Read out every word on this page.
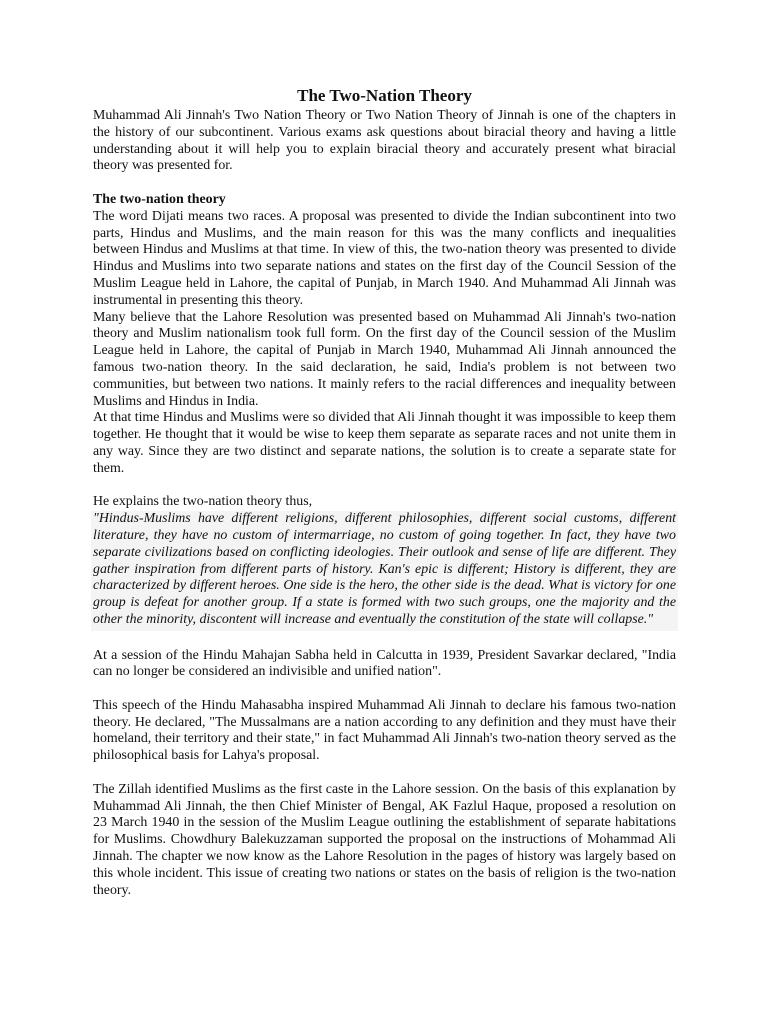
The Two-Nation Theory

Muhammad Ali Jinnah's Two Nation Theory or Two Nation Theory of Jinnah is one of the chapters in the history of our subcontinent. Various exams ask questions about biracial theory and having a little understanding about it will help you to explain biracial theory and accurately present what biracial theory was presented for.

The two-nation theory

The word Dijati means two races. A proposal was presented to divide the Indian subcontinent into two parts, Hindus and Muslims, and the main reason for this was the many conflicts and inequalities between Hindus and Muslims at that time. In view of this, the two-nation theory was presented to divide Hindus and Muslims into two separate nations and states on the first day of the Council Session of the Muslim League held in Lahore, the capital of Punjab, in March 1940. And Muhammad Ali Jinnah was instrumental in presenting this theory.

Many believe that the Lahore Resolution was presented based on Muhammad Ali Jinnah's two-nation theory and Muslim nationalism took full form. On the first day of the Council session of the Muslim League held in Lahore, the capital of Punjab in March 1940, Muhammad Ali Jinnah announced the famous two-nation theory. In the said declaration, he said, India's problem is not between two communities, but between two nations. It mainly refers to the racial differences and inequality between Muslims and Hindus in India.

At that time Hindus and Muslims were so divided that Ali Jinnah thought it was impossible to keep them together. He thought that it would be wise to keep them separate as separate races and not unite them in any way. Since they are two distinct and separate nations, the solution is to create a separate state for them.

He explains the two-nation theory thus,

"Hindus-Muslims have different religions, different philosophies, different social customs, different literature, they have no custom of intermarriage, no custom of going together. In fact, they have two separate civilizations based on conflicting ideologies. Their outlook and sense of life are different. They gather inspiration from different parts of history. Kan's epic is different; History is different, they are characterized by different heroes. One side is the hero, the other side is the dead. What is victory for one group is defeat for another group. If a state is formed with two such groups, one the majority and the other the minority, discontent will increase and eventually the constitution of the state will collapse."

At a session of the Hindu Mahajan Sabha held in Calcutta in 1939, President Savarkar declared, "India can no longer be considered an indivisible and unified nation".

This speech of the Hindu Mahasabha inspired Muhammad Ali Jinnah to declare his famous two-nation theory. He declared, "The Mussalmans are a nation according to any definition and they must have their homeland, their territory and their state," in fact Muhammad Ali Jinnah's two-nation theory served as the philosophical basis for Lahya's proposal.

The Zillah identified Muslims as the first caste in the Lahore session. On the basis of this explanation by Muhammad Ali Jinnah, the then Chief Minister of Bengal, AK Fazlul Haque, proposed a resolution on 23 March 1940 in the session of the Muslim League outlining the establishment of separate habitations for Muslims. Chowdhury Balekuzzaman supported the proposal on the instructions of Mohammad Ali Jinnah. The chapter we now know as the Lahore Resolution in the pages of history was largely based on this whole incident. This issue of creating two nations or states on the basis of religion is the two-nation theory.
